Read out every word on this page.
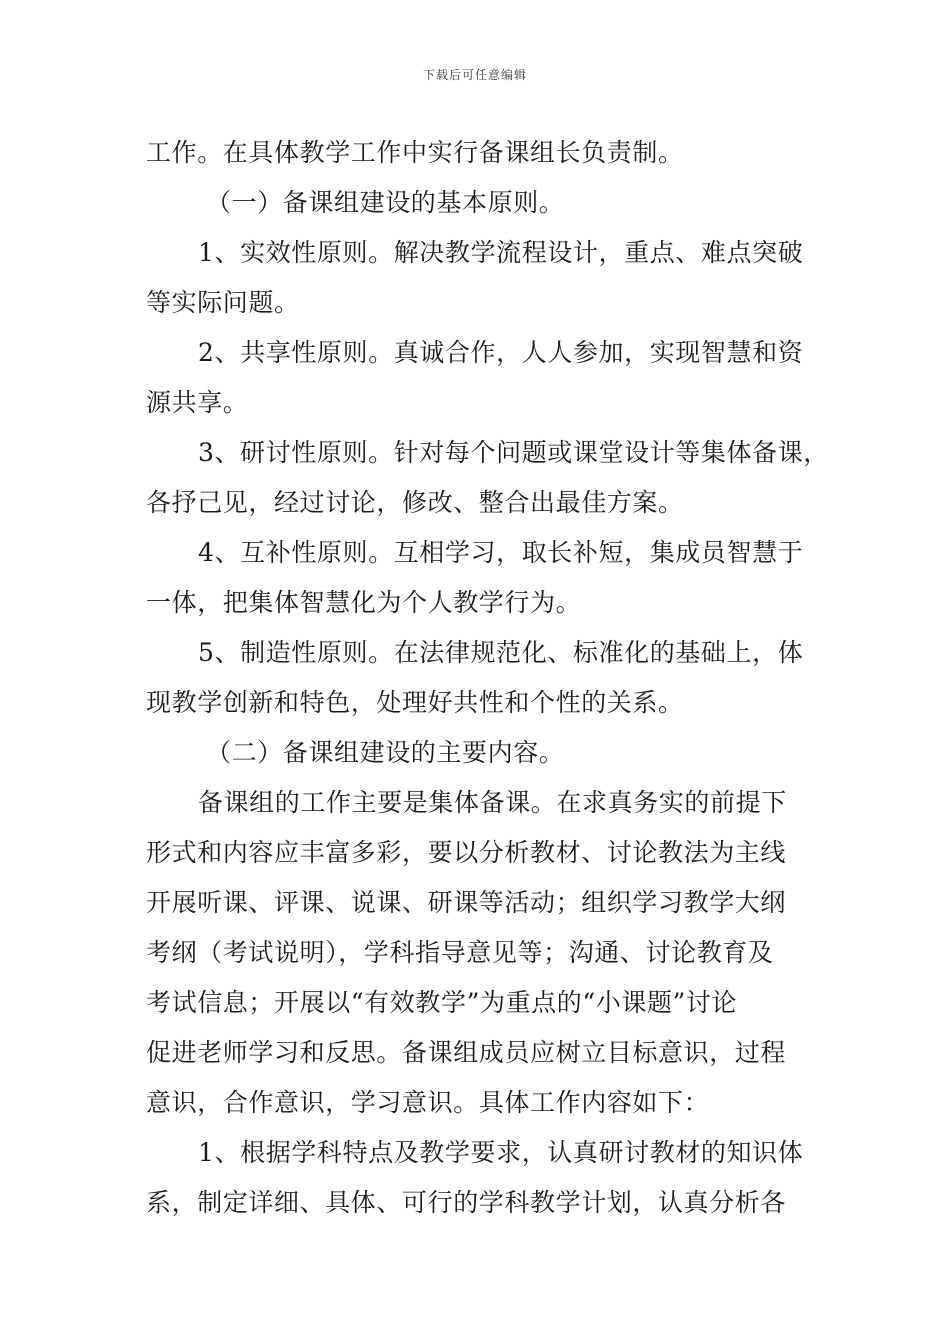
下载后可任意编辑
工作。在具体教学工作中实行备课组长负责制。
（一）备课组建设的基本原则。
1、实效性原则。解决教学流程设计，重点、难点突破
等实际问题。
2、共享性原则。真诚合作，人人参加，实现智慧和资
源共享。
3、研讨性原则。针对每个问题或课堂设计等集体备课，
各抒己见，经过讨论，修改、整合出最佳方案。
4、互补性原则。互相学习，取长补短，集成员智慧于
一体，把集体智慧化为个人教学行为。
5、制造性原则。在法律规范化、标准化的基础上，体
现教学创新和特色，处理好共性和个性的关系。
（二）备课组建设的主要内容。
备课组的工作主要是集体备课。在求真务实的前提下
形式和内容应丰富多彩，要以分析教材、讨论教法为主线
开展听课、评课、说课、研课等活动；组织学习教学大纲
考纲（考试说明），学科指导意见等；沟通、讨论教育及
考试信息；开展以“有效教学”为重点的“小课题”讨论
促进老师学习和反思。备课组成员应树立目标意识，过程
意识，合作意识，学习意识。具体工作内容如下：
1、根据学科特点及教学要求，认真研讨教材的知识体
系，制定详细、具体、可行的学科教学计划，认真分析各
